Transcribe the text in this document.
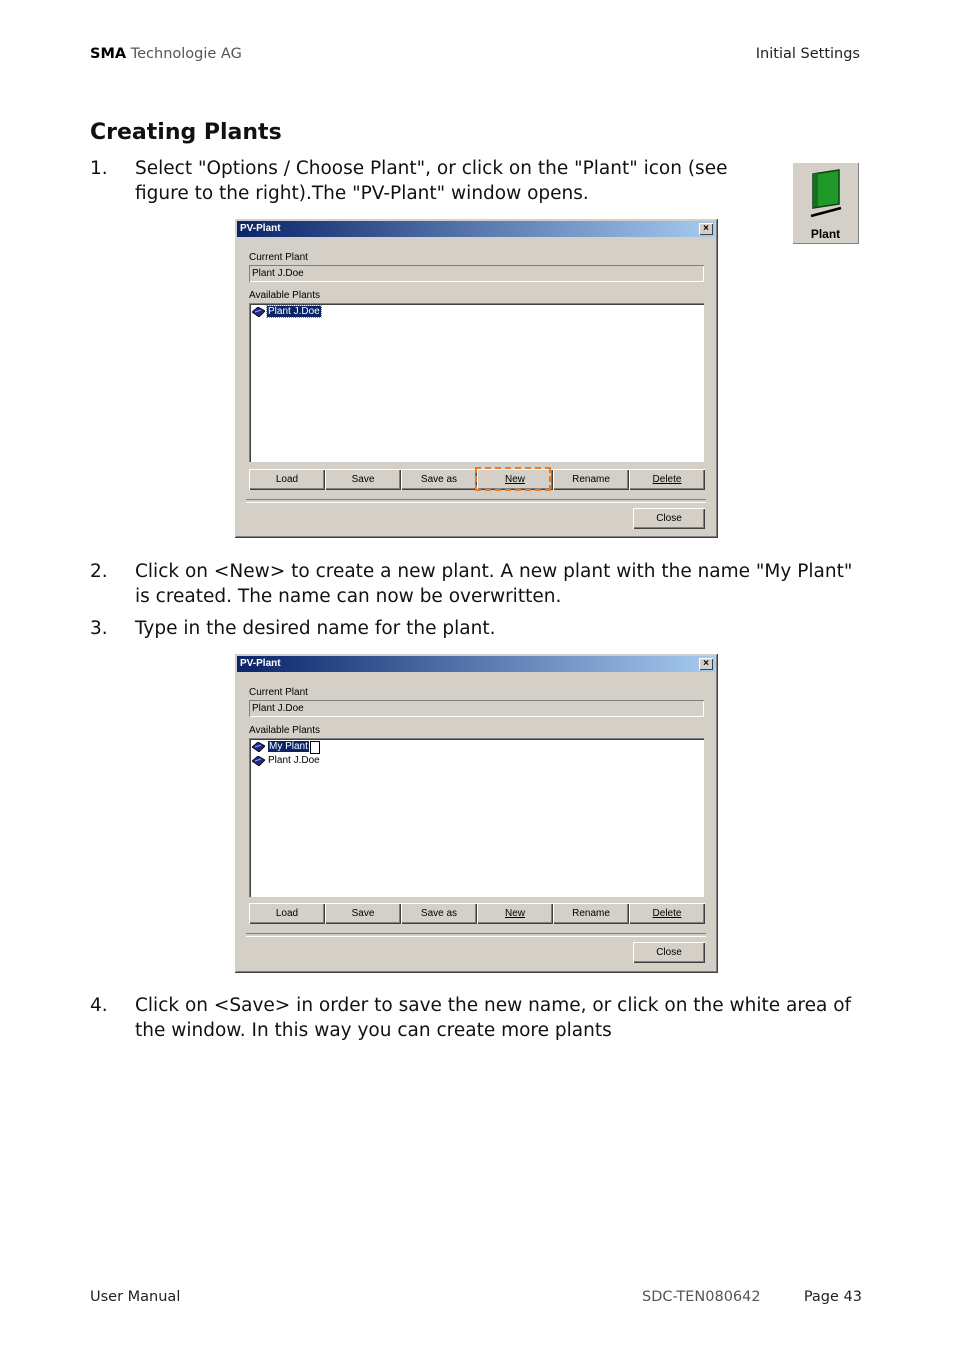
SMA Technologie AG	Initial Settings
Creating Plants
1. Select "Options / Choose Plant", or click on the "Plant" icon (see figure to the right).The "PV-Plant" window opens.
Plant
PV-Plant	×
Current Plant
Plant J.Doe
Available Plants
Plant J.Doe
Load	Save	Save as	New	Rename	Delete
Close
2. Click on <New> to create a new plant. A new plant with the name "My Plant" is created. The name can now be overwritten.
3. Type in the desired name for the plant.
PV-Plant	×
Current Plant
Plant J.Doe
Available Plants
My Plant
Plant J.Doe
Load	Save	Save as	New	Rename	Delete
Close
4. Click on <Save> in order to save the new name, or click on the white area of the window. In this way you can create more plants
User Manual	SDC-TEN080642	Page 43
